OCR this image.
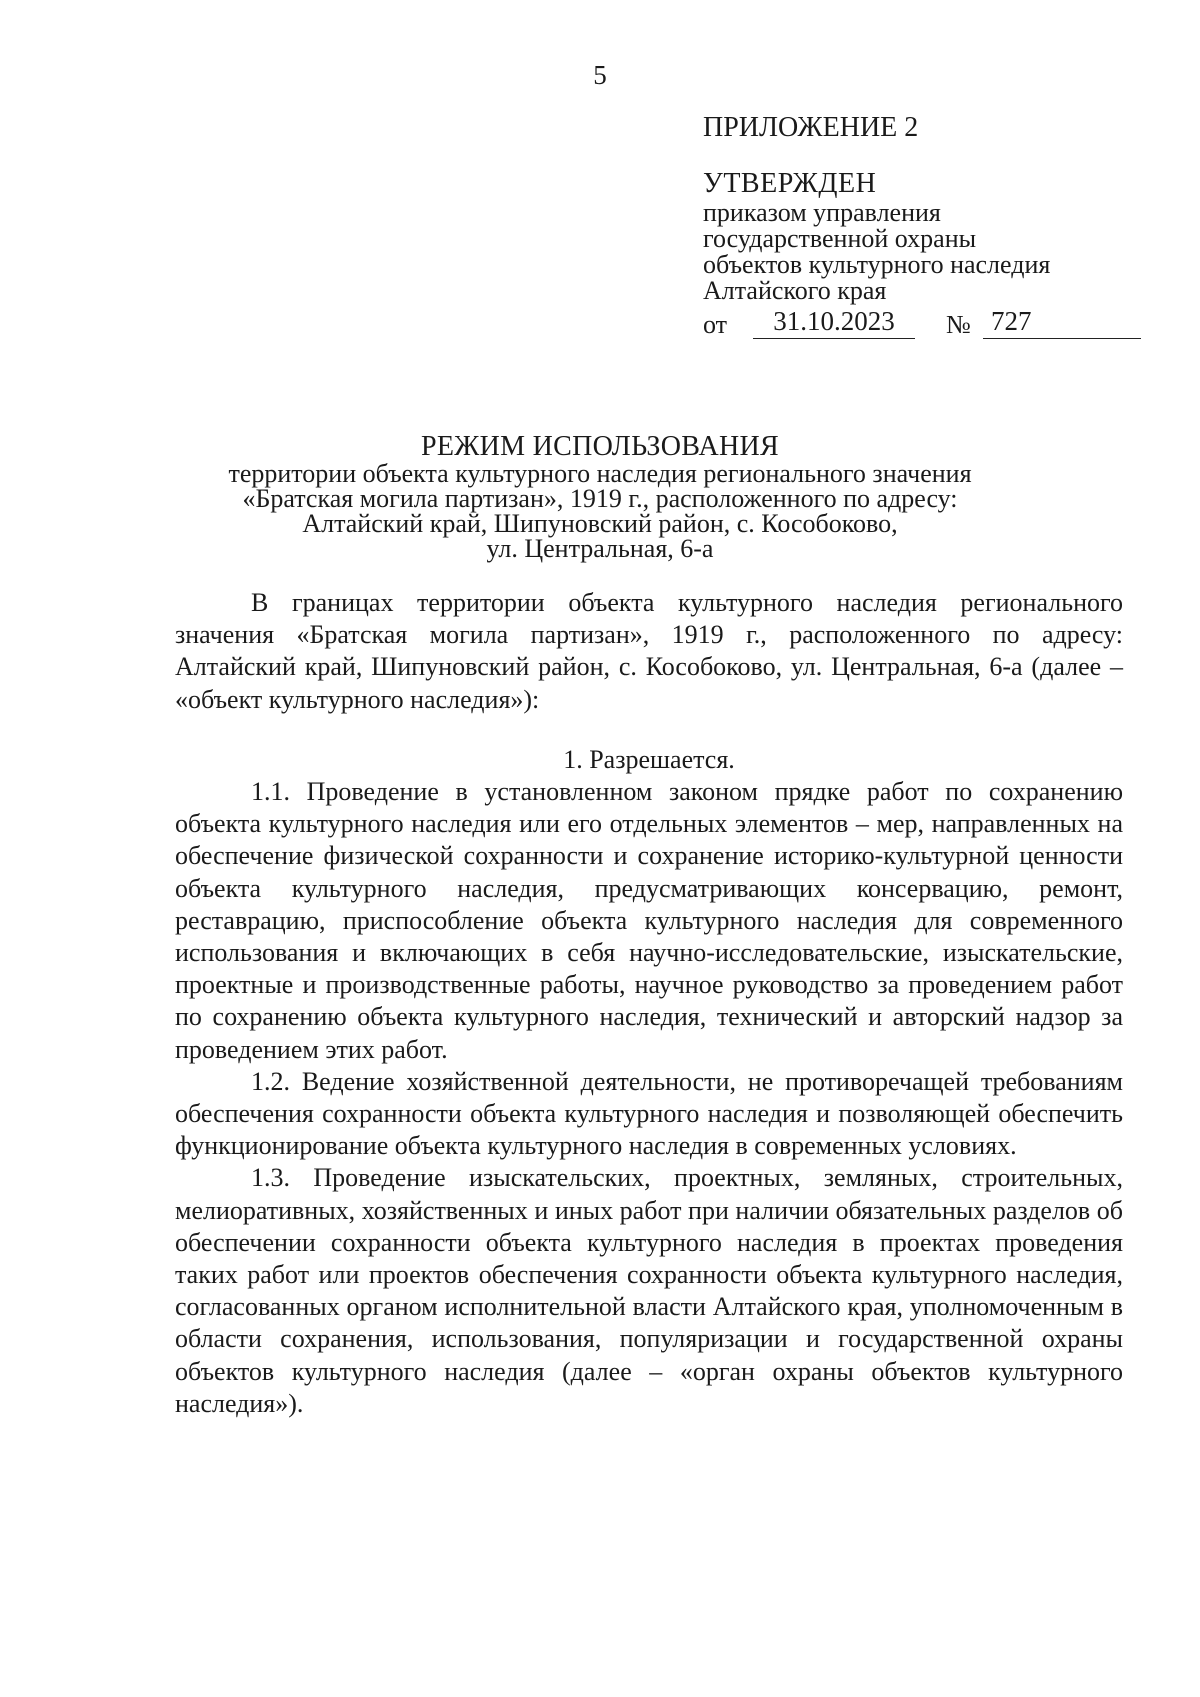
5

ПРИЛОЖЕНИЕ 2

УТВЕРЖДЕН

приказом управления

государственной охраны

объектов культурного наследия

Алтайского края

от	31.10.2023	№ 727

РЕЖИМ ИСПОЛЬЗОВАНИЯ

территории объекта культурного наследия регионального значения

«Братская могила партизан», 1919 г., расположенного по адресу:

Алтайский край, Шипуновский район, с. Кособоково,

ул. Центральная, 6-а

В границах территории объекта культурного наследия регионального значения «Братская могила партизан», 1919 г., расположенного по адресу: Алтайский край, Шипуновский район, с. Кособоково, ул. Центральная, 6-а (далее – «объект культурного наследия»):

1. Разрешается.

1.1. Проведение в установленном законом прядке работ по сохранению объекта культурного наследия или его отдельных элементов – мер, направленных на обеспечение физической сохранности и сохранение историко-культурной ценности объекта культурного наследия, предусматривающих консервацию, ремонт, реставрацию, приспособление объекта культурного наследия для современного использования и включающих в себя научно-исследовательские, изыскательские, проектные и производственные работы, научное руководство за проведением работ по сохранению объекта культурного наследия, технический и авторский надзор за проведением этих работ.

1.2. Ведение хозяйственной деятельности, не противоречащей требованиям обеспечения сохранности объекта культурного наследия и позволяющей обеспечить функционирование объекта культурного наследия в современных условиях.

1.3. Проведение изыскательских, проектных, земляных, строительных, мелиоративных, хозяйственных и иных работ при наличии обязательных разделов об обеспечении сохранности объекта культурного наследия в проектах проведения таких работ или проектов обеспечения сохранности объекта культурного наследия, согласованных органом исполнительной власти Алтайского края, уполномоченным в области сохранения, использования, популяризации и государственной охраны объектов культурного наследия (далее – «орган охраны объектов культурного наследия»).
